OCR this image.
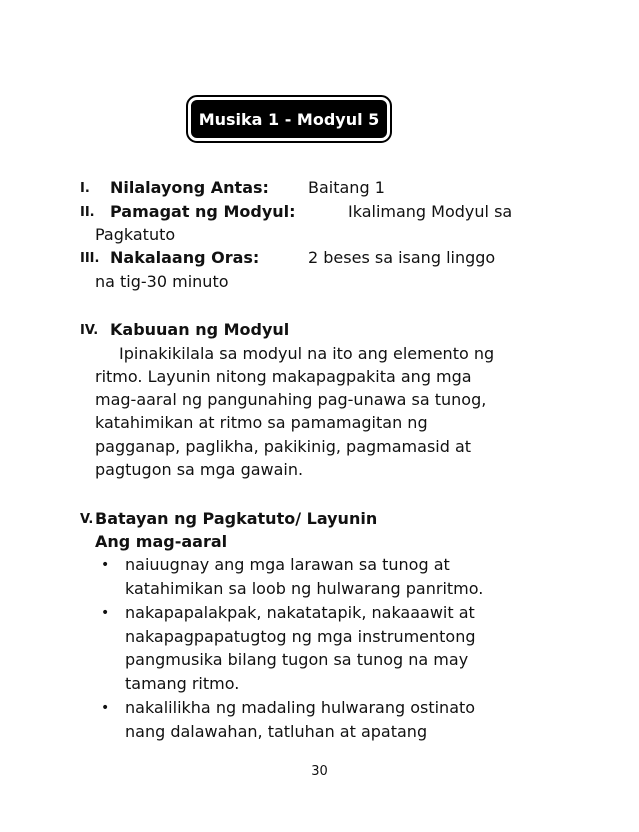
Musika 1 - Modyul 5
I. Nilalayong Antas: Baitang 1
II. Pamagat ng Modyul:	Ikalimang Modyul sa
Pagkatuto
III. Nakalaang Oras:	2 beses sa isang linggo
na tig-30 minuto
IV. Kabuuan ng Modyul
Ipinakikilala sa modyul na ito ang elemento ng
ritmo. Layunin nitong makapagpakita ang mga
mag-aaral ng pangunahing pag-unawa sa tunog,
katahimikan at ritmo sa pamamagitan ng
pagganap, paglikha, pakikinig, pagmamasid at
pagtugon sa mga gawain.
V. Batayan ng Pagkatuto/ Layunin
Ang mag-aaral
• naiuugnay ang mga larawan sa tunog at
katahimikan sa loob ng hulwarang panritmo.
• nakapapalakpak, nakatatapik, nakaaawit at
nakapagpapatugtog ng mga instrumentong
pangmusika bilang tugon sa tunog na may
tamang ritmo.
• nakalilikha ng madaling hulwarang ostinato
nang dalawahan, tatluhan at apatang
30
